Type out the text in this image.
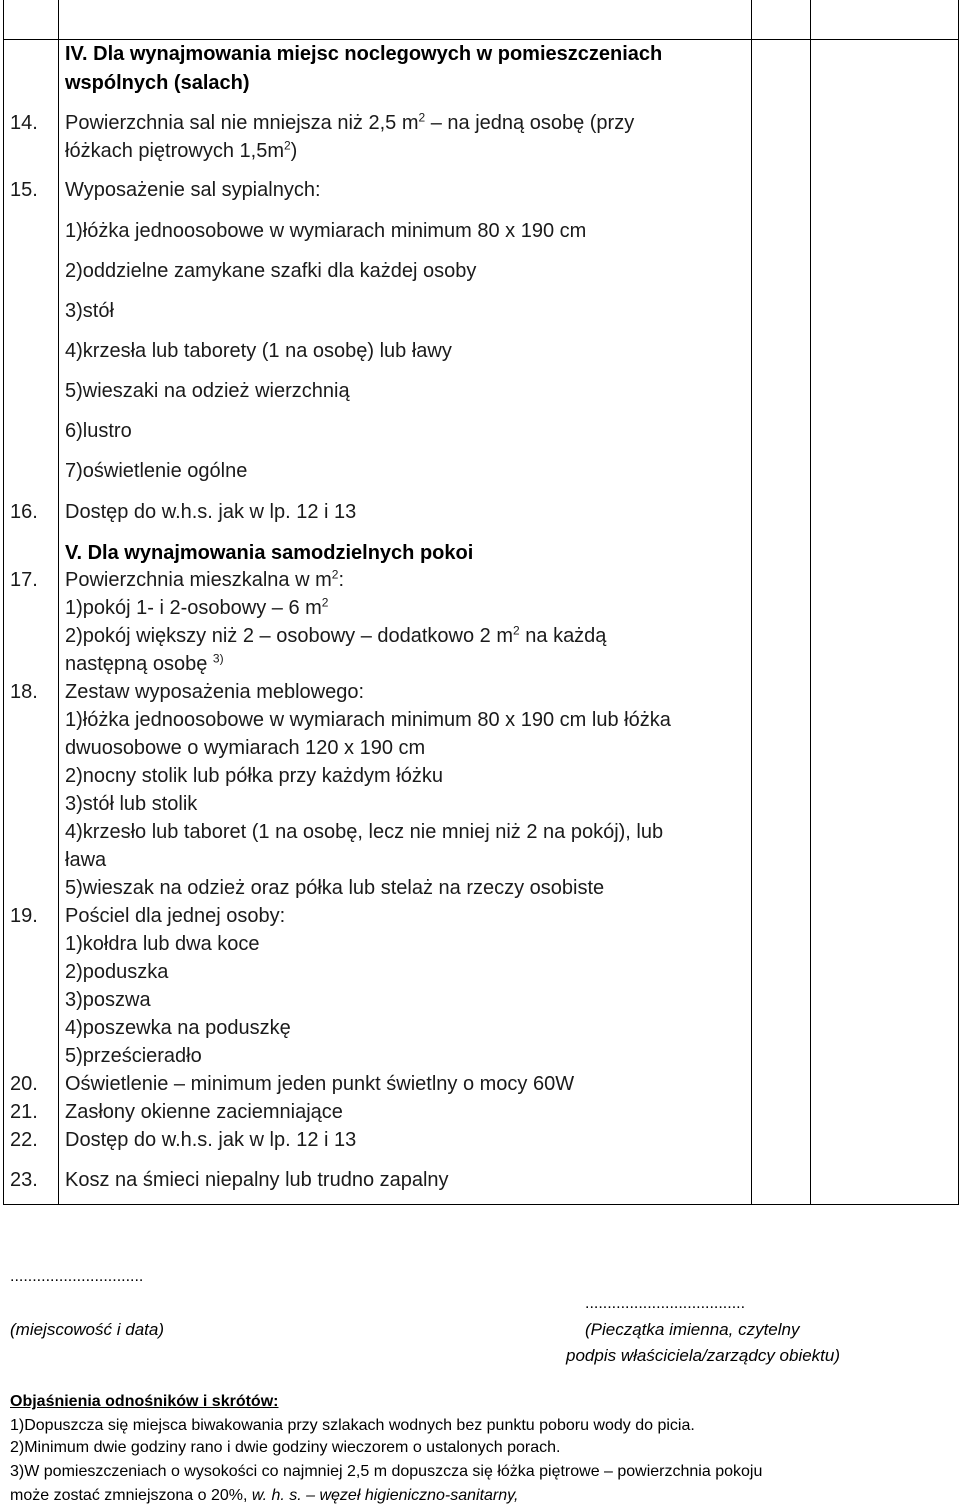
IV. Dla wynajmowania miejsc noclegowych w pomieszczeniach
wspólnych (salach)
14. Powierzchnia sal nie mniejsza niż 2,5 $m^2$ – na jedną osobę (przy
łóżkach piętrowych $1,5m^2$)
15. Wyposażenie sal sypialnych:
1)łóżka jednoosobowe w wymiarach minimum 80 x 190 cm
2)oddzielne zamykane szafki dla każdej osoby
3)stół
4)krzesła lub taborety (1 na osobę) lub ławy
5)wieszaki na odzież wierzchnią
6)lustro
7)oświetlenie ogólne
16. Dostęp do w.h.s. jak w lp. 12 i 13
V. Dla wynajmowania samodzielnych pokoi
17. Powierzchnia mieszkalna w $m^2$:
1)pokój 1- i 2-osobowy – 6 $m^2$
2)pokój większy niż 2 – osobowy – dodatkowo 2 $m^2$ na każdą
następną osobę $^{3)}$
18. Zestaw wyposażenia meblowego:
1)łóżka jednoosobowe w wymiarach minimum 80 x 190 cm lub łóżka
dwuosobowe o wymiarach 120 x 190 cm
2)nocny stolik lub półka przy każdym łóżku
3)stół lub stolik
4)krzesło lub taboret (1 na osobę, lecz nie mniej niż 2 na pokój), lub
ława
5)wieszak na odzież oraz półka lub stelaż na rzeczy osobiste
19. Pościel dla jednej osoby:
1)kołdra lub dwa koce
2)poduszka
3)poszwa
4)poszewka na poduszkę
5)prześcieradło
20. Oświetlenie – minimum jeden punkt świetlny o mocy 60W
21. Zasłony okienne zaciemniające
22. Dostęp do w.h.s. jak w lp. 12 i 13
23. Kosz na śmieci niepalny lub trudno zapalny
..............................
(miejscowość i data)
....................................
(Pieczątka imienna, czytelny
podpis właściciela/zarządcy obiektu)
Objaśnienia odnośników i skrótów:
1)Dopuszcza się miejsca biwakowania przy szlakach wodnych bez punktu poboru wody do picia.
2)Minimum dwie godziny rano i dwie godziny wieczorem o ustalonych porach.
3)W pomieszczeniach o wysokości co najmniej 2,5 m dopuszcza się łóżka piętrowe – powierzchnia pokoju
może zostać zmniejszona o 20%, w. h. s. – węzeł higieniczno-sanitarny,
